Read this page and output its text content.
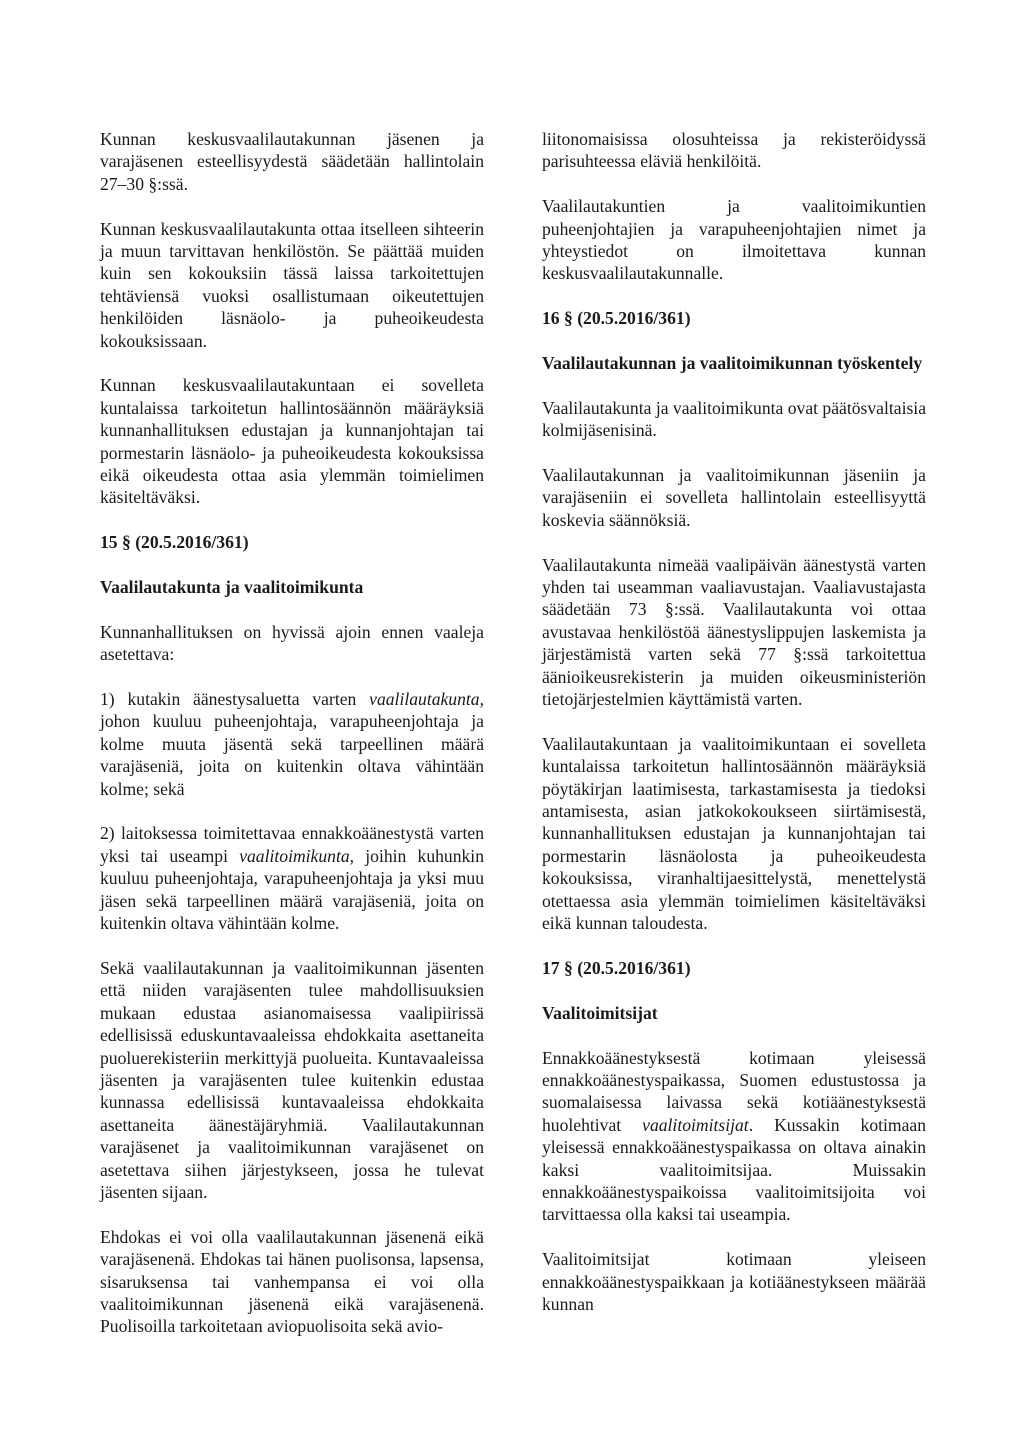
Kunnan keskusvaalilautakunnan jäsenen ja varajäsenen esteellisyydestä säädetään hallintolain 27–30 §:ssä.

Kunnan keskusvaalilautakunta ottaa itselleen sihteerin ja muun tarvittavan henkilöstön. Se päättää muiden kuin sen kokouksiin tässä laissa tarkoitettujen tehtäviensä vuoksi osallistumaan oikeutettujen henkilöiden läsnäolo- ja puheoikeudesta kokouksissaan.

Kunnan keskusvaalilautakuntaan ei sovelleta kuntalaissa tarkoitetun hallintosäännön määräyksiä kunnanhallituksen edustajan ja kunnanjohtajan tai pormestarin läsnäolo- ja puheoikeudesta kokouksissa eikä oikeudesta ottaa asia ylemmän toimielimen käsiteltäväksi.

15 § (20.5.2016/361)
Vaalilautakunta ja vaalitoimikunta

Kunnanhallituksen on hyvissä ajoin ennen vaaleja asetettava:

1) kutakin äänestysaluetta varten vaalilautakunta, johon kuuluu puheenjohtaja, varapuheenjohtaja ja kolme muuta jäsentä sekä tarpeellinen määrä varajäseniä, joita on kuitenkin oltava vähintään kolme; sekä

2) laitoksessa toimitettavaa ennakkoäänestystä varten yksi tai useampi vaalitoimikunta, joihin kuhunkin kuuluu puheenjohtaja, varapuheenjohtaja ja yksi muu jäsen sekä tarpeellinen määrä varajäseniä, joita on kuitenkin oltava vähintään kolme.

Sekä vaalilautakunnan ja vaalitoimikunnan jäsenten että niiden varajäsenten tulee mahdollisuuksien mukaan edustaa asianomaisessa vaalipiirissä edellisissä eduskuntavaaleissa ehdokkaita asettaneita puoluerekisteriin merkittyjä puolueita. Kuntavaaleissa jäsenten ja varajäsenten tulee kuitenkin edustaa kunnassa edellisissä kuntavaaleissa ehdokkaita asettaneita äänestäjäryhmiä. Vaalilautakunnan varajäsenet ja vaalitoimikunnan varajäsenet on asetettava siihen järjestykseen, jossa he tulevat jäsenten sijaan.

Ehdokas ei voi olla vaalilautakunnan jäsenenä eikä varajäsenenä. Ehdokas tai hänen puolisonsa, lapsensa, sisaruksensa tai vanhempansa ei voi olla vaalitoimikunnan jäsenenä eikä varajäsenenä. Puolisoilla tarkoitetaan aviopuolisoita sekä avio-

liitonomaisissa olosuhteissa ja rekisteröidyssä parisuhteessa eläviä henkilöitä.

Vaalilautakuntien ja vaalitoimikuntien puheenjohtajien ja varapuheenjohtajien nimet ja yhteystiedot on ilmoitettava kunnan keskusvaalilautakunnalle.

16 § (20.5.2016/361)
Vaalilautakunnan ja vaalitoimikunnan työskentely

Vaalilautakunta ja vaalitoimikunta ovat päätösvaltaisia kolmijäsenisinä.

Vaalilautakunnan ja vaalitoimikunnan jäseniin ja varajäseniin ei sovelleta hallintolain esteellisyyttä koskevia säännöksiä.

Vaalilautakunta nimeää vaalipäivän äänestystä varten yhden tai useamman vaaliavustajan. Vaaliavustajasta säädetään 73 §:ssä. Vaalilautakunta voi ottaa avustavaa henkilöstöä äänestyslippujen laskemista ja järjestämistä varten sekä 77 §:ssä tarkoitettua äänioikeusrekisterin ja muiden oikeusministeriön tietojärjestelmien käyttämistä varten.

Vaalilautakuntaan ja vaalitoimikuntaan ei sovelleta kuntalaissa tarkoitetun hallintosäännön määräyksiä pöytäkirjan laatimisesta, tarkastamisesta ja tiedoksi antamisesta, asian jatkokokoukseen siirtämisestä, kunnanhallituksen edustajan ja kunnanjohtajan tai pormestarin läsnäolosta ja puheoikeudesta kokouksissa, viranhaltijaesittelystä, menettelystä otettaessa asia ylemmän toimielimen käsiteltäväksi eikä kunnan taloudesta.

17 § (20.5.2016/361)
Vaalitoimitsijat

Ennakkoäänestyksestä kotimaan yleisessä ennakkoäänestyspaikassa, Suomen edustustossa ja suomalaisessa laivassa sekä kotiäänestyksestä huolehtivat vaalitoimitsijat. Kussakin kotimaan yleisessä ennakkoäänestyspaikassa on oltava ainakin kaksi vaalitoimitsijaa. Muissakin ennakkoäänestyspaikoissa vaalitoimitsijoita voi tarvittaessa olla kaksi tai useampia.

Vaalitoimitsijat kotimaan yleiseen ennakkoäänestyspaikkaan ja kotiäänestykseen määrää kunnan
